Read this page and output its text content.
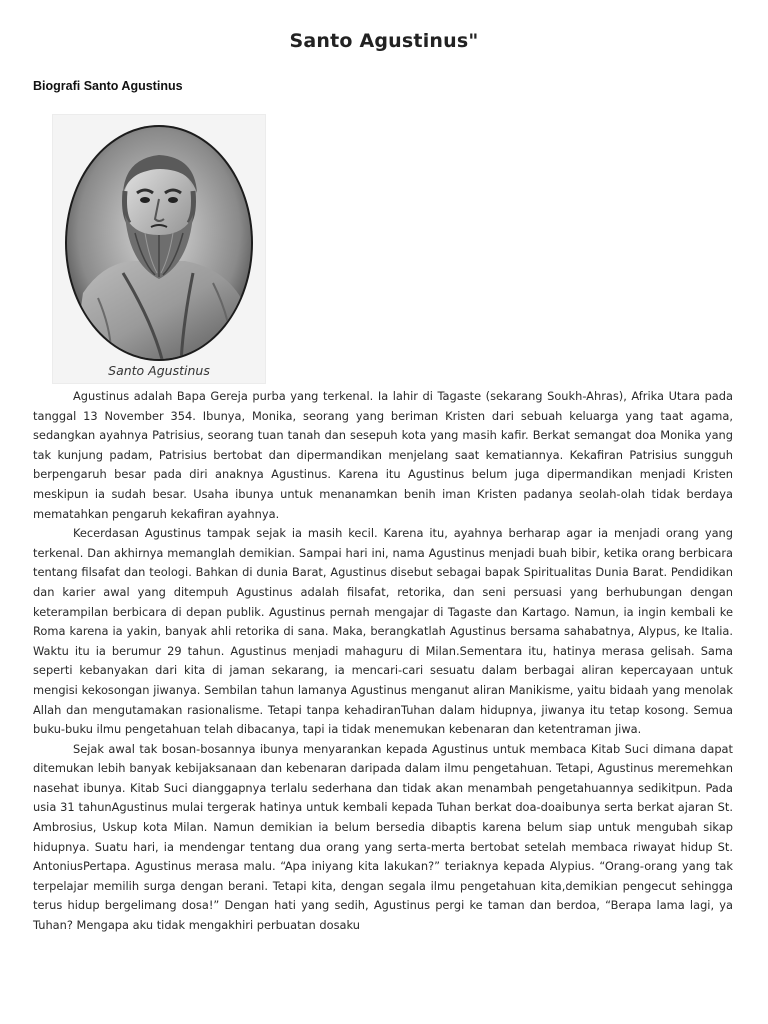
Santo Agustinus"
Biografi Santo Agustinus
Santo Agustinus

Agustinus adalah Bapa Gereja purba yang terkenal. Ia lahir di Tagaste (sekarang Soukh-Ahras), Afrika Utara pada tanggal 13 November 354. Ibunya, Monika, seorang yang beriman Kristen dari sebuah keluarga yang taat agama, sedangkan ayahnya Patrisius, seorang tuan tanah dan sesepuh kota yang masih kafir. Berkat semangat doa Monika yang tak kunjung padam, Patrisius bertobat dan dipermandikan menjelang saat kematiannya. Kekafiran Patrisius sungguh berpengaruh besar pada diri anaknya Agustinus. Karena itu Agustinus belum juga dipermandikan menjadi Kristen meskipun ia sudah besar. Usaha ibunya untuk menanamkan benih iman Kristen padanya seolah-olah tidak berdaya mematahkan pengaruh kekafiran ayahnya.

Kecerdasan Agustinus tampak sejak ia masih kecil. Karena itu, ayahnya berharap agar ia menjadi orang yang terkenal. Dan akhirnya memanglah demikian. Sampai hari ini, nama Agustinus menjadi buah bibir, ketika orang berbicara tentang filsafat dan teologi. Bahkan di dunia Barat, Agustinus disebut sebagai bapak Spiritualitas Dunia Barat. Pendidikan dan karier awal yang ditempuh Agustinus adalah filsafat, retorika, dan seni persuasi yang berhubungan dengan keterampilan berbicara di depan publik. Agustinus pernah mengajar di Tagaste dan Kartago. Namun, ia ingin kembali ke Roma karena ia yakin, banyak ahli retorika di sana. Maka, berangkatlah Agustinus bersama sahabatnya, Alypus, ke Italia. Waktu itu ia berumur 29 tahun. Agustinus menjadi mahaguru di Milan.Sementara itu, hatinya merasa gelisah. Sama seperti kebanyakan dari kita di jaman sekarang, ia mencari-cari sesuatu dalam berbagai aliran kepercayaan untuk mengisi kekosongan jiwanya. Sembilan tahun lamanya Agustinus menganut aliran Manikisme, yaitu bidaah yang menolak Allah dan mengutamakan rasionalisme. Tetapi tanpa kehadiranTuhan dalam hidupnya, jiwanya itu tetap kosong. Semua buku-buku ilmu pengetahuan telah dibacanya, tapi ia tidak menemukan kebenaran dan ketentraman jiwa.

Sejak awal tak bosan-bosannya ibunya menyarankan kepada Agustinus untuk membaca Kitab Suci dimana dapat ditemukan lebih banyak kebijaksanaan dan kebenaran daripada dalam ilmu pengetahuan. Tetapi, Agustinus meremehkan nasehat ibunya. Kitab Suci dianggapnya terlalu sederhana dan tidak akan menambah pengetahuannya sedikitpun. Pada usia 31 tahunAgustinus mulai tergerak hatinya untuk kembali kepada Tuhan berkat doa-doaibunya serta berkat ajaran St. Ambrosius, Uskup kota Milan. Namun demikian ia belum bersedia dibaptis karena belum siap untuk mengubah sikap hidupnya. Suatu hari, ia mendengar tentang dua orang yang serta-merta bertobat setelah membaca riwayat hidup St. AntoniusPertapa. Agustinus merasa malu. “Apa iniyang kita lakukan?” teriaknya kepada Alypius. “Orang-orang yang tak terpelajar memilih surga dengan berani. Tetapi kita, dengan segala ilmu pengetahuan kita,demikian pengecut sehingga terus hidup bergelimang dosa!” Dengan hati yang sedih, Agustinus pergi ke taman dan berdoa, “Berapa lama lagi, ya Tuhan? Mengapa aku tidak mengakhiri perbuatan dosaku
